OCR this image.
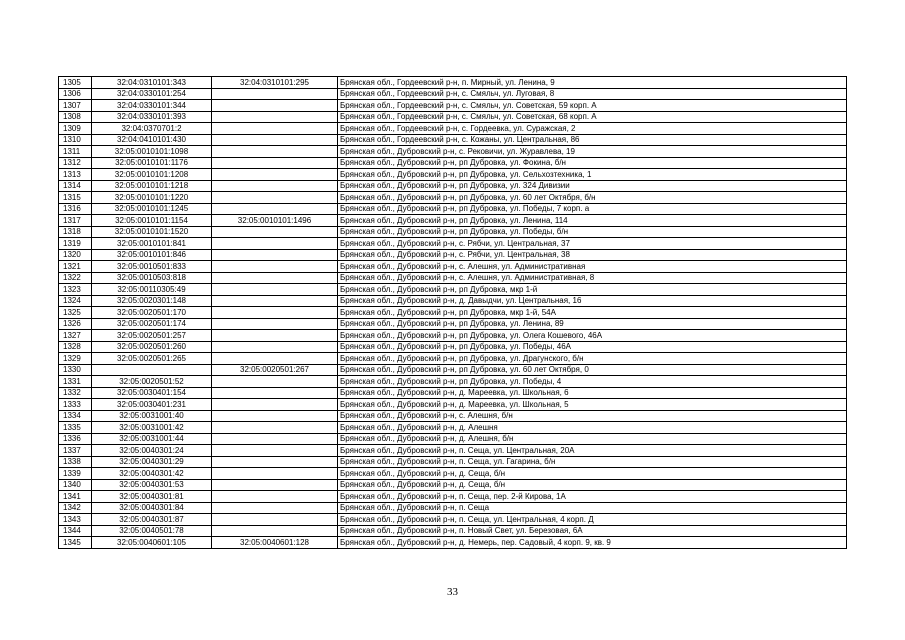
1305	32:04:0310101:343	32:04:0310101:295	Брянская обл., Гордеевский р-н, п. Мирный, ул. Ленина, 9
1306	32:04:0330101:254		Брянская обл., Гордеевский р-н, с. Смяльч, ул. Луговая, 8
1307	32:04:0330101:344		Брянская обл., Гордеевский р-н, с. Смяльч, ул. Советская, 59 корп. А
1308	32:04:0330101:393		Брянская обл., Гордеевский р-н, с. Смяльч, ул. Советская, 68 корп. А
1309	32:04:0370701:2		Брянская обл., Гордеевский р-н, с. Гордеевка, ул. Суражская, 2
1310	32:04:0410101:430		Брянская обл., Гордеевский р-н, с. Кожаны, ул. Центральная, 86
1311	32:05:0010101:1098		Брянская обл., Дубровский р-н, с. Рековичи, ул. Журавлева, 19
1312	32:05:0010101:1176		Брянская обл., Дубровский р-н, рп Дубровка, ул. Фокина, б/н
1313	32:05:0010101:1208		Брянская обл., Дубровский р-н, рп Дубровка, ул. Сельхозтехника, 1
1314	32:05:0010101:1218		Брянская обл., Дубровский р-н, рп Дубровка, ул. 324 Дивизии
1315	32:05:0010101:1220		Брянская обл., Дубровский р-н, рп Дубровка, ул. 60 лет Октября, б/н
1316	32:05:0010101:1245		Брянская обл., Дубровский р-н, рп Дубровка, ул. Победы, 7 корп. а
1317	32:05:0010101:1154	32:05:0010101:1496	Брянская обл., Дубровский р-н, рп Дубровка, ул. Ленина, 114
1318	32:05:0010101:1520		Брянская обл., Дубровский р-н, рп Дубровка, ул. Победы, б/н
1319	32:05:0010101:841		Брянская обл., Дубровский р-н, с. Рябчи, ул. Центральная, 37
1320	32:05:0010101:846		Брянская обл., Дубровский р-н, с. Рябчи, ул. Центральная, 38
1321	32:05:0010501:833		Брянская обл., Дубровский р-н, с. Алешня, ул. Административная
1322	32:05:0010503:818		Брянская обл., Дубровский р-н, с. Алешня, ул. Административная, 8
1323	32:05:00110305:49		Брянская обл., Дубровский р-н, рп Дубровка, мкр 1-й
1324	32:05:0020301:148		Брянская обл., Дубровский р-н, д. Давыдчи, ул. Центральная, 16
1325	32:05:0020501:170		Брянская обл., Дубровский р-н, рп Дубровка, мкр 1-й, 54А
1326	32:05:0020501:174		Брянская обл., Дубровский р-н, рп Дубровка, ул. Ленина, 89
1327	32:05:0020501:257		Брянская обл., Дубровский р-н, рп Дубровка, ул. Олега Кошевого, 46А
1328	32:05:0020501:260		Брянская обл., Дубровский р-н, рп Дубровка, ул. Победы, 46А
1329	32:05:0020501:265		Брянская обл., Дубровский р-н, рп Дубровка, ул. Драгунского, б/н
1330		32:05:0020501:267	Брянская обл., Дубровский р-н, рп Дубровка, ул. 60 лет Октября, 0
1331	32:05:0020501:52		Брянская обл., Дубровский р-н, рп Дубровка, ул. Победы, 4
1332	32:05:0030401:154		Брянская обл., Дубровский р-н, д. Мареевка, ул. Школьная, 6
1333	32:05:0030401:231		Брянская обл., Дубровский р-н, д. Мареевка, ул. Школьная, 5
1334	32:05:0031001:40		Брянская обл., Дубровский р-н, с. Алешня, б/н
1335	32:05:0031001:42		Брянская обл., Дубровский р-н, д. Алешня
1336	32:05:0031001:44		Брянская обл., Дубровский р-н, д. Алешня, б/н
1337	32:05:0040301:24		Брянская обл., Дубровский р-н, п. Сеща, ул. Центральная, 20А
1338	32:05:0040301:29		Брянская обл., Дубровский р-н, п. Сеща, ул. Гагарина, б/н
1339	32:05:0040301:42		Брянская обл., Дубровский р-н, д. Сеща, б/н
1340	32:05:0040301:53		Брянская обл., Дубровский р-н, д. Сеща, б/н
1341	32:05:0040301:81		Брянская обл., Дубровский р-н, п. Сеща, пер. 2-й Кирова, 1А
1342	32:05:0040301:84		Брянская обл., Дубровский р-н, п. Сеща
1343	32:05:0040301:87		Брянская обл., Дубровский р-н, п. Сеща, ул. Центральная, 4 корп. Д
1344	32:05:0040501:78		Брянская обл., Дубровский р-н, п. Новый Свет, ул. Березовая, 6А
1345	32:05:0040601:105	32:05:0040601:128	Брянская обл., Дубровский р-н, д. Немерь, пер. Садовый, 4 корп. 9, кв. 9
33
